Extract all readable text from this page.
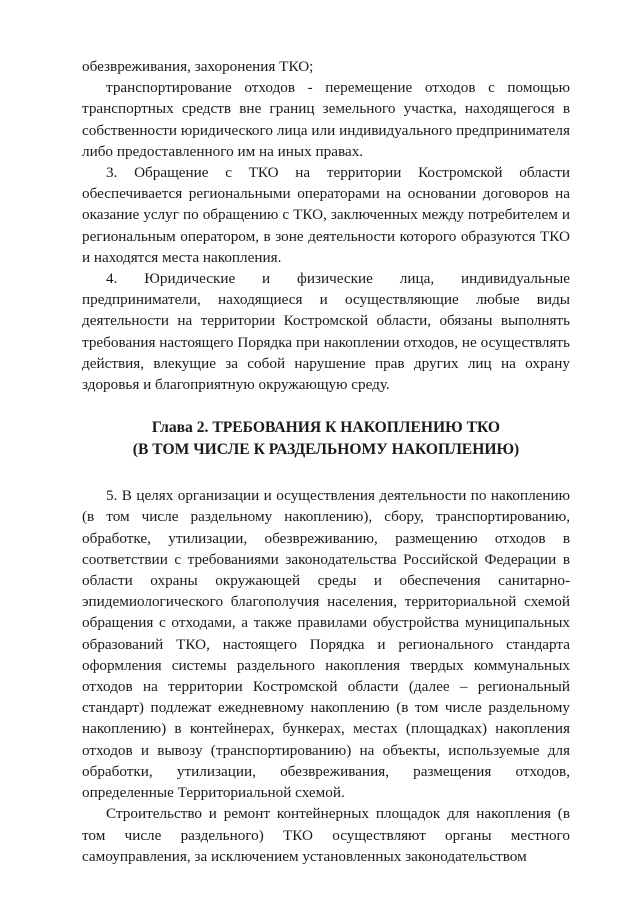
обезвреживания, захоронения ТКО;

транспортирование отходов - перемещение отходов с помощью транспортных средств вне границ земельного участка, находящегося в собственности юридического лица или индивидуального предпринимателя либо предоставленного им на иных правах.

3. Обращение с ТКО на территории Костромской области обеспечивается региональными операторами на основании договоров на оказание услуг по обращению с ТКО, заключенных между потребителем и региональным оператором, в зоне деятельности которого образуются ТКО и находятся места накопления.

4. Юридические и физические лица, индивидуальные предприниматели, находящиеся и осуществляющие любые виды деятельности на территории Костромской области, обязаны выполнять требования настоящего Порядка при накоплении отходов, не осуществлять действия, влекущие за собой нарушение прав других лиц на охрану здоровья и благоприятную окружающую среду.

Глава 2. ТРЕБОВАНИЯ К НАКОПЛЕНИЮ ТКО
(В ТОМ ЧИСЛЕ К РАЗДЕЛЬНОМУ НАКОПЛЕНИЮ)

5. В целях организации и осуществления деятельности по накоплению (в том числе раздельному накоплению), сбору, транспортированию, обработке, утилизации, обезвреживанию, размещению отходов в соответствии с требованиями законодательства Российской Федерации в области охраны окружающей среды и обеспечения санитарно-эпидемиологического благополучия населения, территориальной схемой обращения с отходами, а также правилами обустройства муниципальных образований ТКО, настоящего Порядка и регионального стандарта оформления системы раздельного накопления твердых коммунальных отходов на территории Костромской области (далее – региональный стандарт) подлежат ежедневному накоплению (в том числе раздельному накоплению) в контейнерах, бункерах, местах (площадках) накопления отходов и вывозу (транспортированию) на объекты, используемые для обработки, утилизации, обезвреживания, размещения отходов, определенные Территориальной схемой.

Строительство и ремонт контейнерных площадок для накопления (в том числе раздельного) ТКО осуществляют органы местного самоуправления, за исключением установленных законодательством
